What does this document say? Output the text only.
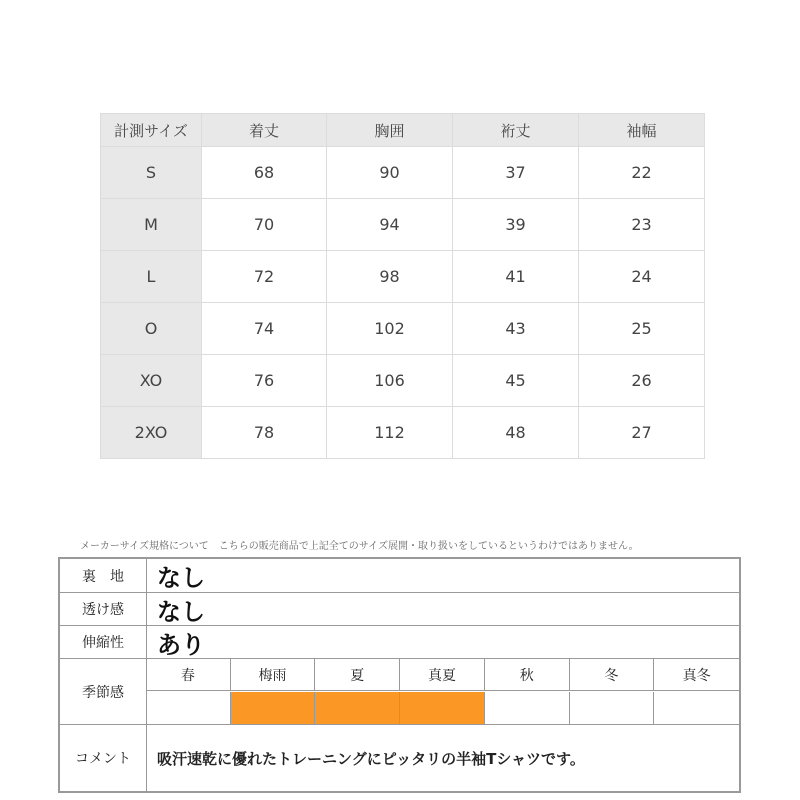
計測サイズ	着丈	胸囲	裄丈	袖幅
S	68	90	37	22
M	70	94	39	23
L	72	98	41	24
O	74	102	43	25
XO	76	106	45	26
2XO	78	112	48	27
メーカーサイズ規格について　こちらの販売商品で上記全てのサイズ展開・取り扱いをしているというわけではありません。
裏　地	なし
透け感	なし
伸縮性	あり
季節感
春	梅雨	夏	真夏	秋	冬	真冬
コメント	吸汗速乾に優れたトレーニングにピッタリの半袖Tシャツです。
